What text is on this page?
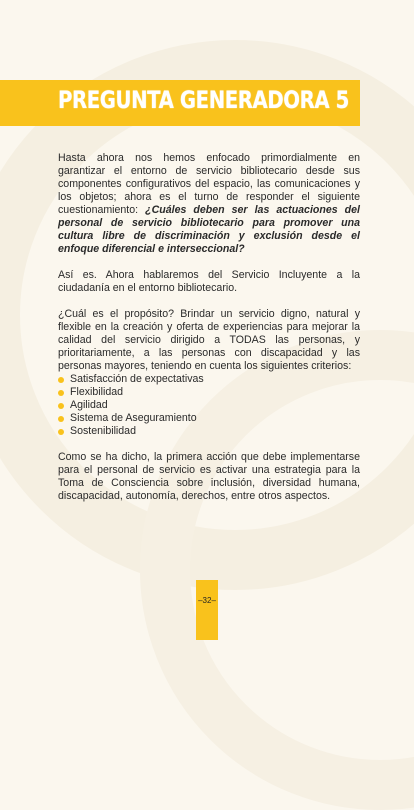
PREGUNTA GENERADORA 5

Hasta ahora nos hemos enfocado primordialmente en garantizar el entorno de servicio bibliotecario desde sus componentes configurativos del espacio, las comunicaciones y los objetos; ahora es el turno de responder el siguiente cuestionamiento: ¿Cuáles deben ser las actuaciones del personal de servicio bibliotecario para promover una cultura libre de discriminación y exclusión desde el enfoque diferencial e interseccional?

Así es. Ahora hablaremos del Servicio Incluyente a la ciudadanía en el entorno bibliotecario.

¿Cuál es el propósito? Brindar un servicio digno, natural y flexible en la creación y oferta de experiencias para mejorar la calidad del servicio dirigido a TODAS las personas, y prioritariamente, a las personas con discapacidad y las personas mayores, teniendo en cuenta los siguientes criterios:

Satisfacción de expectativas
Flexibilidad
Agilidad
Sistema de Aseguramiento
Sostenibilidad

Como se ha dicho, la primera acción que debe implementarse para el personal de servicio es activar una estrategia para la Toma de Consciencia sobre inclusión, diversidad humana, discapacidad, autonomía, derechos, entre otros aspectos.

–32–
